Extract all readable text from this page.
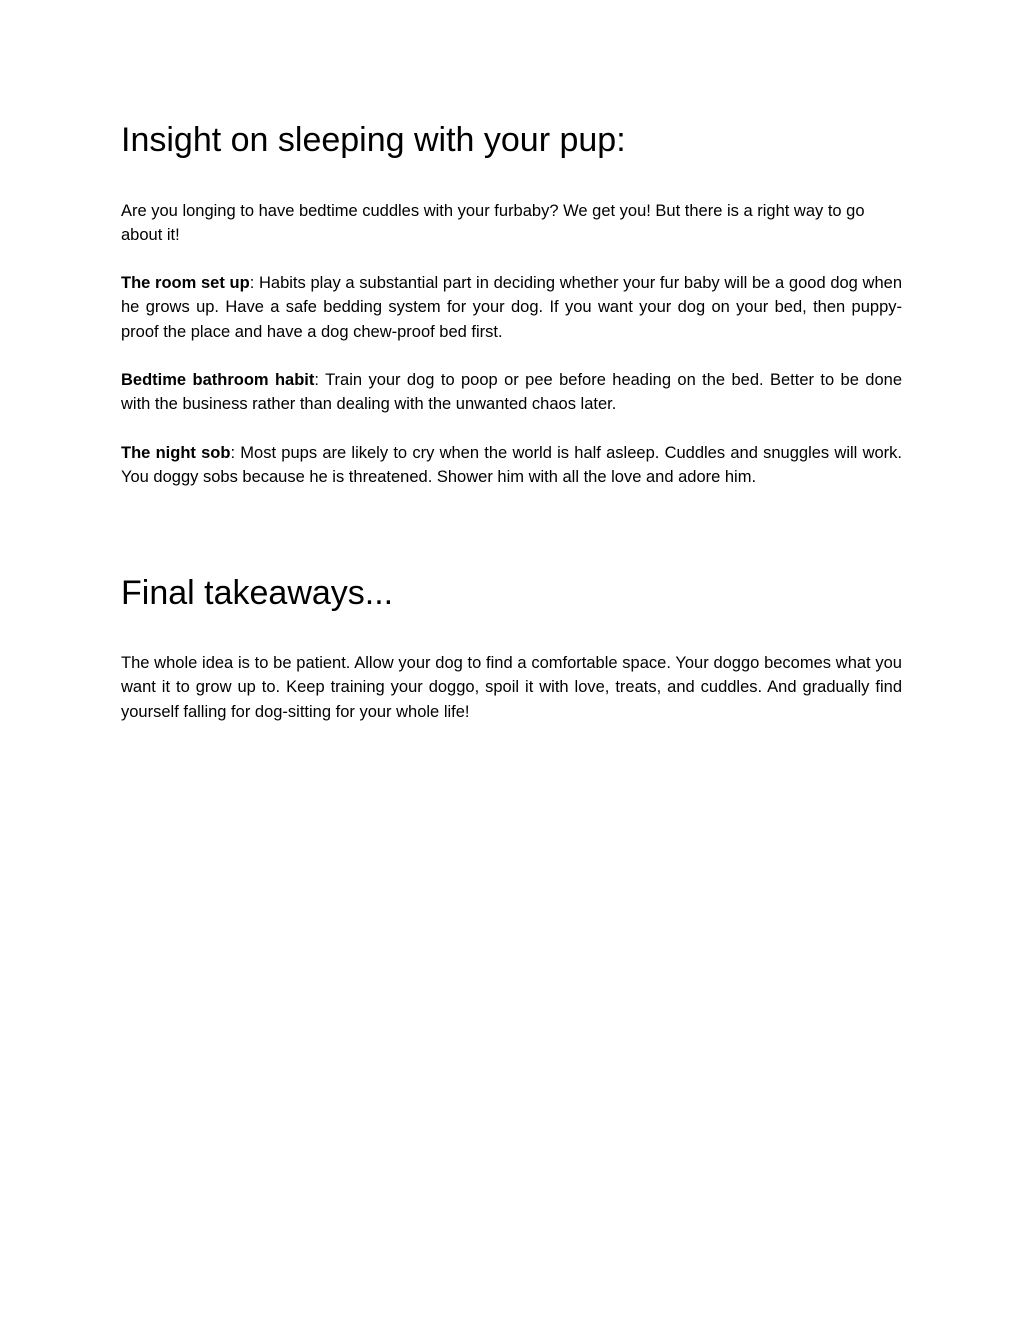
Insight on sleeping with your pup:

Are you longing to have bedtime cuddles with your furbaby? We get you! But there is a right way to go about it!

The room set up: Habits play a substantial part in deciding whether your fur baby will be a good dog when he grows up. Have a safe bedding system for your dog. If you want your dog on your bed, then puppy-proof the place and have a dog chew-proof bed first.

Bedtime bathroom habit: Train your dog to poop or pee before heading on the bed. Better to be done with the business rather than dealing with the unwanted chaos later.

The night sob: Most pups are likely to cry when the world is half asleep. Cuddles and snuggles will work. You doggy sobs because he is threatened. Shower him with all the love and adore him.

Final takeaways...

The whole idea is to be patient. Allow your dog to find a comfortable space. Your doggo becomes what you want it to grow up to. Keep training your doggo, spoil it with love, treats, and cuddles. And gradually find yourself falling for dog-sitting for your whole life!
